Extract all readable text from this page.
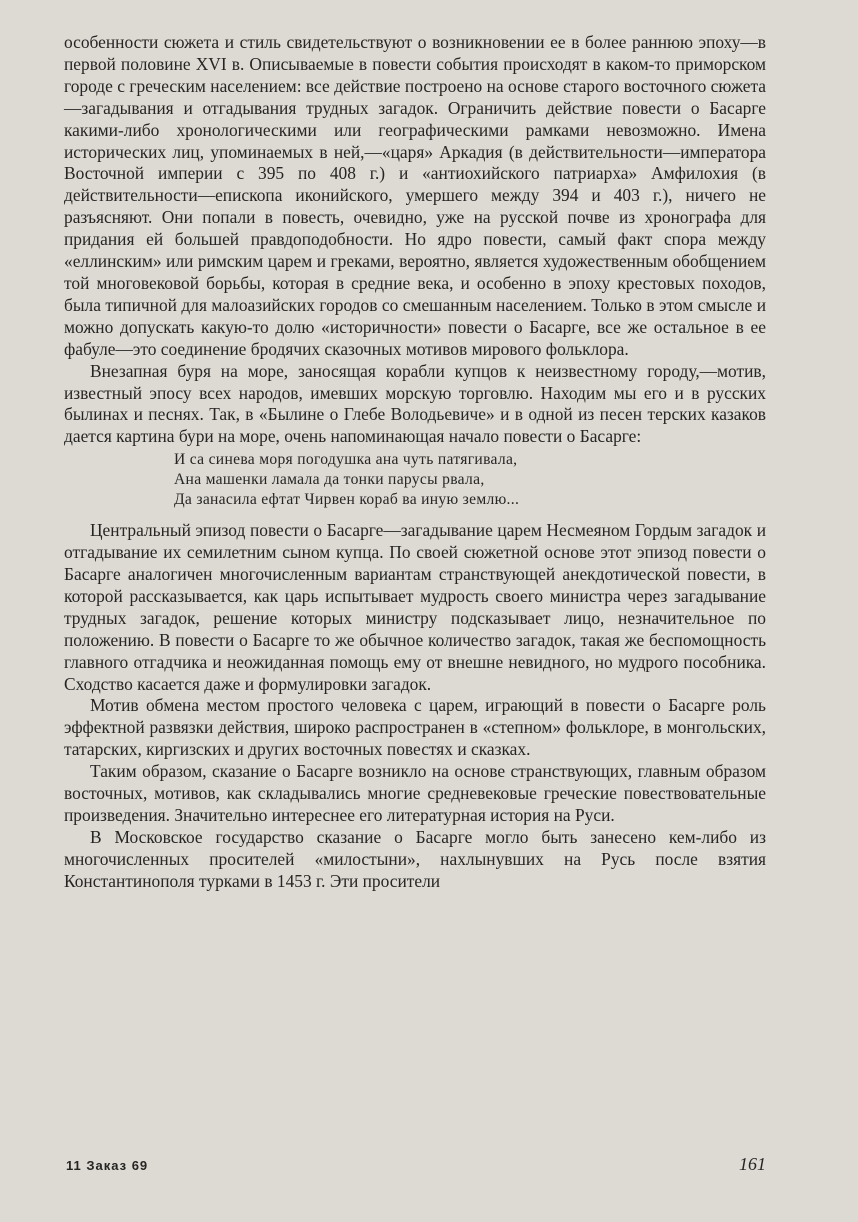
особенности сюжета и стиль свидетельствуют о возникновении ее в более раннюю эпоху—в первой половине XVI в. Описываемые в повести события происходят в каком-то приморском городе с греческим населением: все действие построено на основе старого восточного сюжета—загадывания и отгадывания трудных загадок. Ограничить действие повести о Басарге какими-либо хронологическими или географическими рамками невозможно. Имена исторических лиц, упоминаемых в ней,—«царя» Аркадия (в действительности—императора Восточной империи с 395 по 408 г.) и «антиохийского патриарха» Амфилохия (в действительности—епископа иконийского, умершего между 394 и 403 г.), ничего не разъясняют. Они попали в повесть, очевидно, уже на русской почве из хронографа для придания ей большей правдоподобности. Но ядро повести, самый факт спора между «еллинским» или римским царем и греками, вероятно, является художественным обобщением той многовековой борьбы, которая в средние века, и особенно в эпоху крестовых походов, была типичной для малоазийских городов со смешанным населением. Только в этом смысле и можно допускать какую-то долю «историчности» повести о Басарге, все же остальное в ее фабуле—это соединение бродячих сказочных мотивов мирового фольклора.

Внезапная буря на море, заносящая корабли купцов к неизвестному городу,—мотив, известный эпосу всех народов, имевших морскую торговлю. Находим мы его и в русских былинах и песнях. Так, в «Былине о Глебе Володьевиче» и в одной из песен терских казаков дается картина бури на море, очень напоминающая начало повести о Басарге:

И са синева моря погодушка ана чуть патягивала,
Ана машенки ламала да тонки парусы рвала,
Да занасила ефтат Чирвен кораб ва иную землю...

Центральный эпизод повести о Басарге—загадывание царем Несмеяном Гордым загадок и отгадывание их семилетним сыном купца. По своей сюжетной основе этот эпизод повести о Басарге аналогичен многочисленным вариантам странствующей анекдотической повести, в которой рассказывается, как царь испытывает мудрость своего министра через загадывание трудных загадок, решение которых министру подсказывает лицо, незначительное по положению. В повести о Басарге то же обычное количество загадок, такая же беспомощность главного отгадчика и неожиданная помощь ему от внешне невидного, но мудрого пособника. Сходство касается даже и формулировки загадок.

Мотив обмена местом простого человека с царем, играющий в повести о Басарге роль эффектной развязки действия, широко распространен в «степном» фольклоре, в монгольских, татарских, киргизских и других восточных повестях и сказках.

Таким образом, сказание о Басарге возникло на основе странствующих, главным образом восточных, мотивов, как складывались многие средневековые греческие повествовательные произведения. Значительно интереснее его литературная история на Руси.

В Московское государство сказание о Басарге могло быть занесено кем-либо из многочисленных просителей «милостыни», нахлынувших на Русь после взятия Константинополя турками в 1453 г. Эти просители

11 Заказ 69	161
